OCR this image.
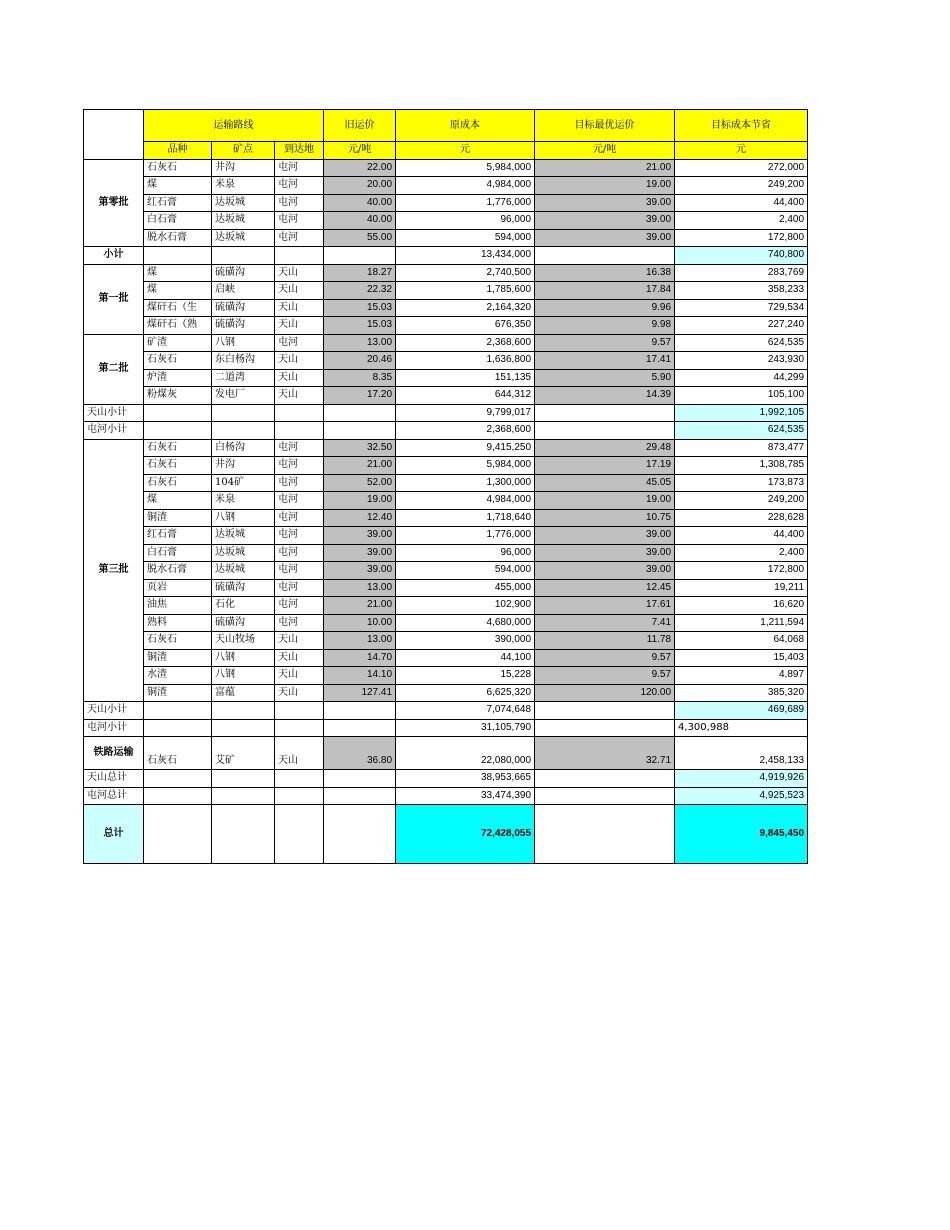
	运输路线			旧运价	原成本	目标最优运价	目标成本节省
	品种	矿点	到达地	元/吨	元	元/吨	元
第零批	石灰石	井沟	屯河	22.00	5,984,000	21.00	272,000
	煤	米泉	屯河	20.00	4,984,000	19.00	249,200
	红石膏	达坂城	屯河	40.00	1,776,000	39.00	44,400
	白石膏	达坂城	屯河	40.00	96,000	39.00	2,400
	脱水石膏	达坂城	屯河	55.00	594,000	39.00	172,800
小计					13,434,000		740,800
第一批	煤	硫磺沟	天山	18.27	2,740,500	16.38	283,769
	煤	启峡	天山	22.32	1,785,600	17.84	358,233
	煤矸石（生	硫磺沟	天山	15.03	2,164,320	9.96	729,534
	煤矸石（熟	硫磺沟	天山	15.03	676,350	9.98	227,240
第二批	矿渣	八钢	屯河	13.00	2,368,600	9.57	624,535
	石灰石	东白杨沟	天山	20.46	1,636,800	17.41	243,930
	炉渣	二道湾	天山	8.35	151,135	5.90	44,299
	粉煤灰	发电厂	天山	17.20	644,312	14.39	105,100
天山小计					9,799,017		1,992,105
屯河小计					2,368,600		624,535
第三批	石灰石	白杨沟	屯河	32.50	9,415,250	29.48	873,477
	石灰石	井沟	屯河	21.00	5,984,000	17.19	1,308,785
	石灰石	104矿	屯河	52.00	1,300,000	45.05	173,873
	煤	米泉	屯河	19.00	4,984,000	19.00	249,200
	铜渣	八钢	屯河	12.40	1,718,640	10.75	228,628
	红石膏	达坂城	屯河	39.00	1,776,000	39.00	44,400
	白石膏	达坂城	屯河	39.00	96,000	39.00	2,400
	脱水石膏	达坂城	屯河	39.00	594,000	39.00	172,800
	页岩	硫磺沟	屯河	13.00	455,000	12.45	19,211
	油焦	石化	屯河	21.00	102,900	17.61	16,620
	熟料	硫磺沟	屯河	10.00	4,680,000	7.41	1,211,594
	石灰石	天山牧场	天山	13.00	390,000	11.78	64,068
	铜渣	八钢	天山	14.70	44,100	9.57	15,403
	水渣	八钢	天山	14.10	15,228	9.57	4,897
	铜渣	富蕴	天山	127.41	6,625,320	120.00	385,320
天山小计					7,074,648		469,689
屯河小计					31,105,790		4,300,988
铁路运输	石灰石	艾矿	天山	36.80	22,080,000	32.71	2,458,133
天山总计					38,953,665		4,919,926
屯河总计					33,474,390		4,925,523
总计					72,428,055		9,845,450
